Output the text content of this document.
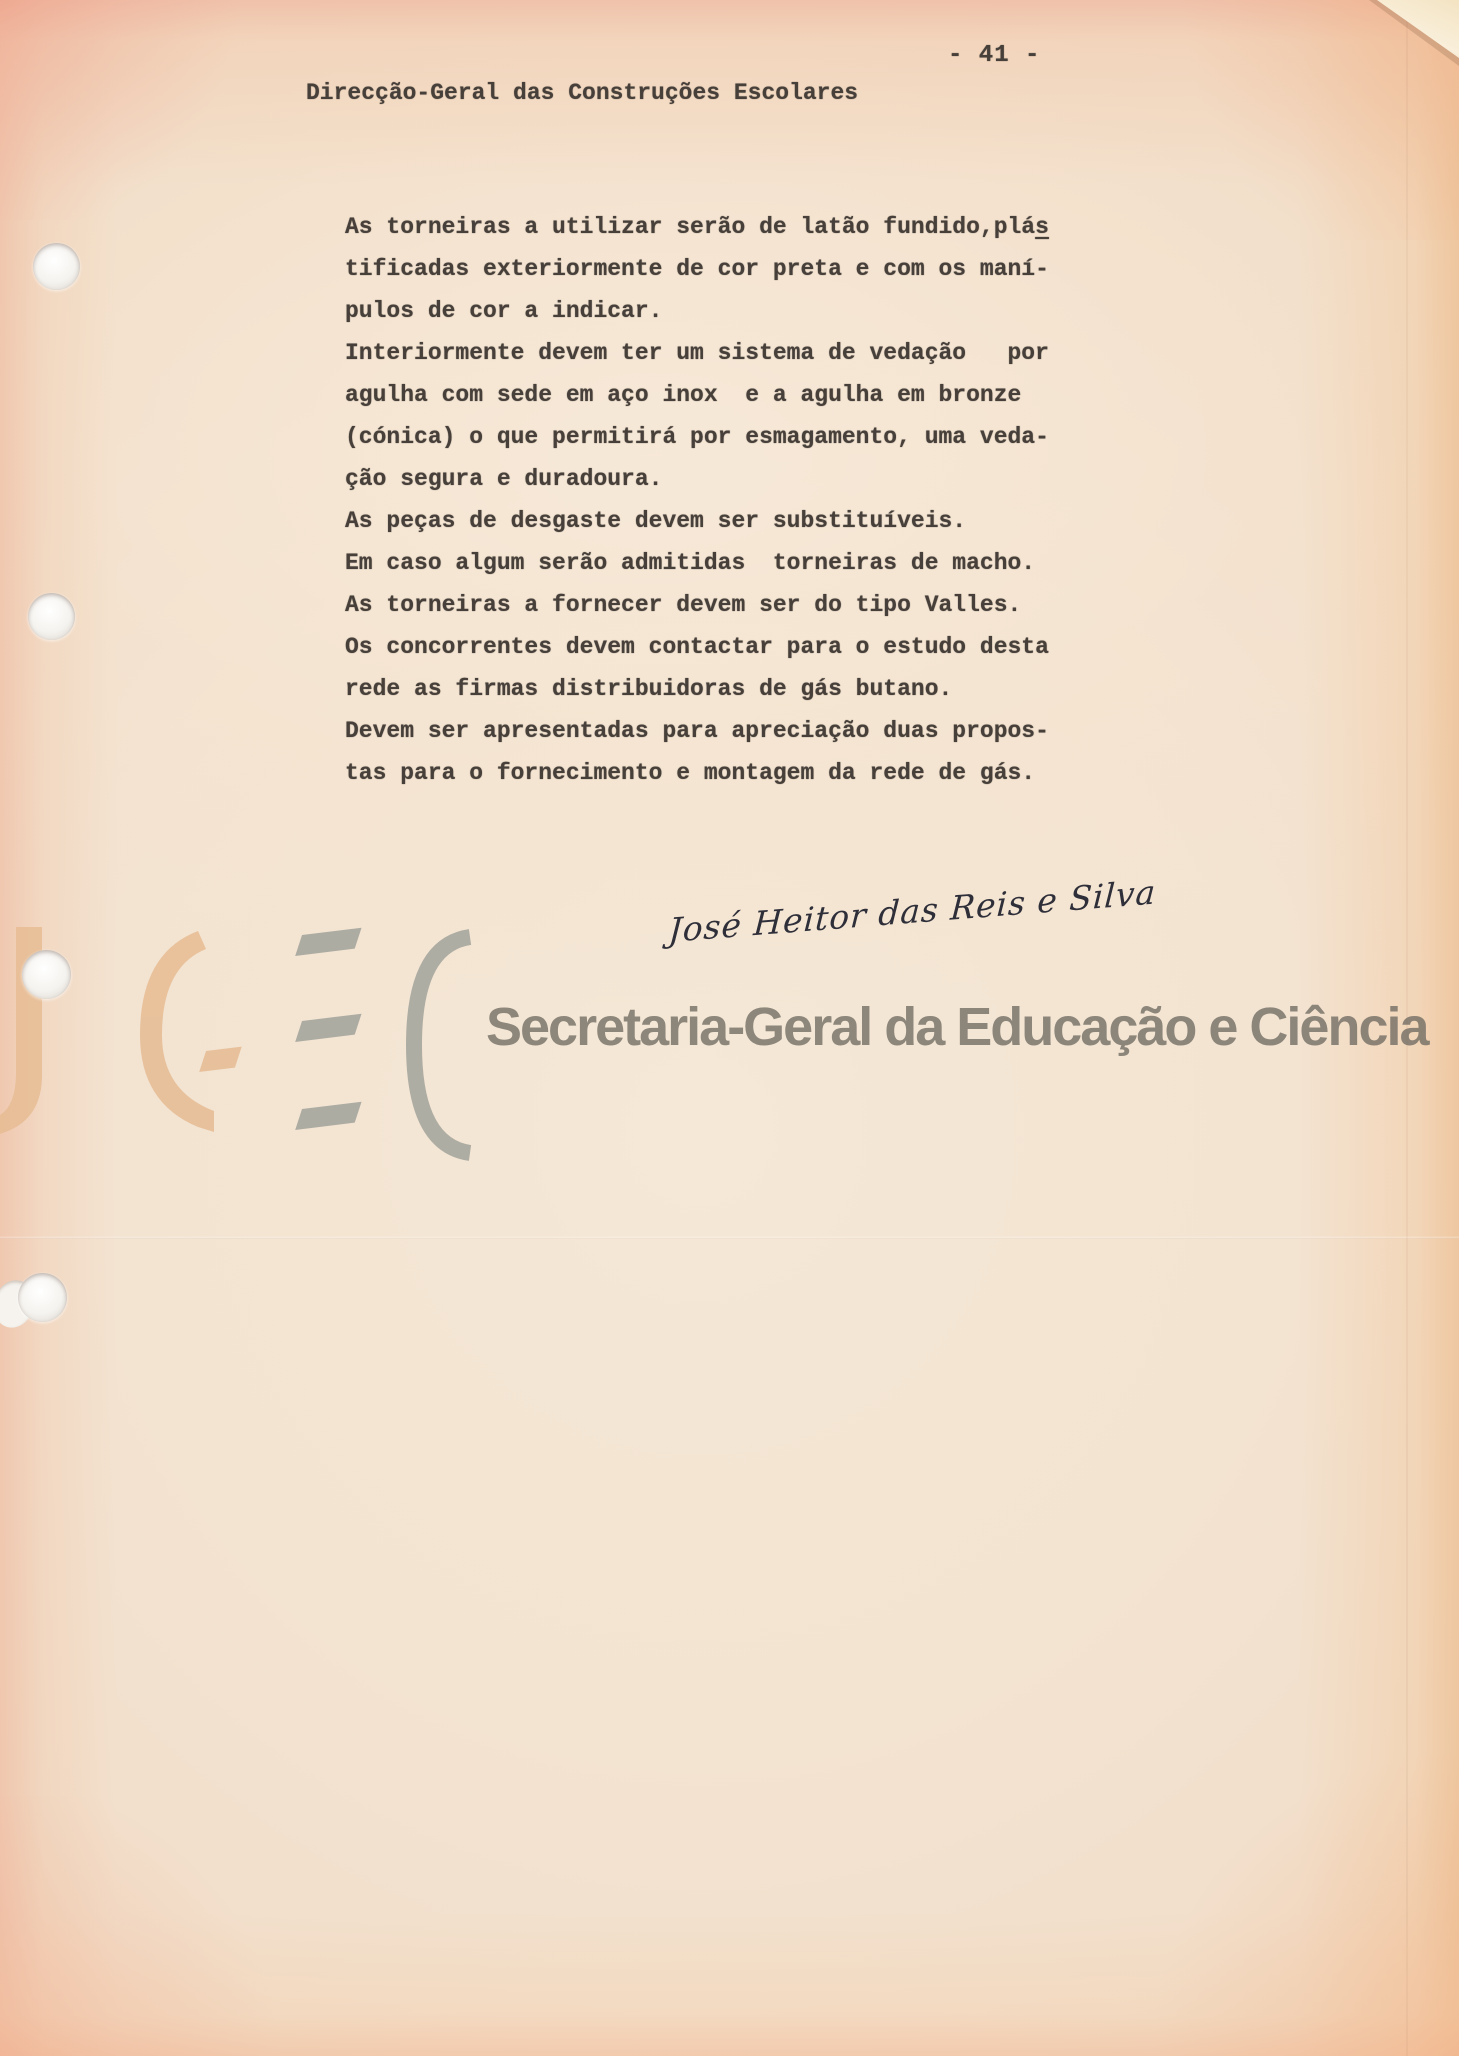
Secretaria-Geral da Educação e Ciência
- 41 -
Direcção-Geral das Construções Escolares
As torneiras a utilizar serão de latão fundido,plás
tificadas exteriormente de cor preta e com os maní-
pulos de cor a indicar.
Interiormente devem ter um sistema de vedação   por
agulha com sede em aço inox  e a agulha em bronze
(cónica) o que permitirá por esmagamento, uma veda-
ção segura e duradoura.
As peças de desgaste devem ser substituíveis.
Em caso algum serão admitidas  torneiras de macho.
As torneiras a fornecer devem ser do tipo Valles.
Os concorrentes devem contactar para o estudo desta
rede as firmas distribuidoras de gás butano.
Devem ser apresentadas para apreciação duas propos-
tas para o fornecimento e montagem da rede de gás.
José Heitor das Reis e Silva
